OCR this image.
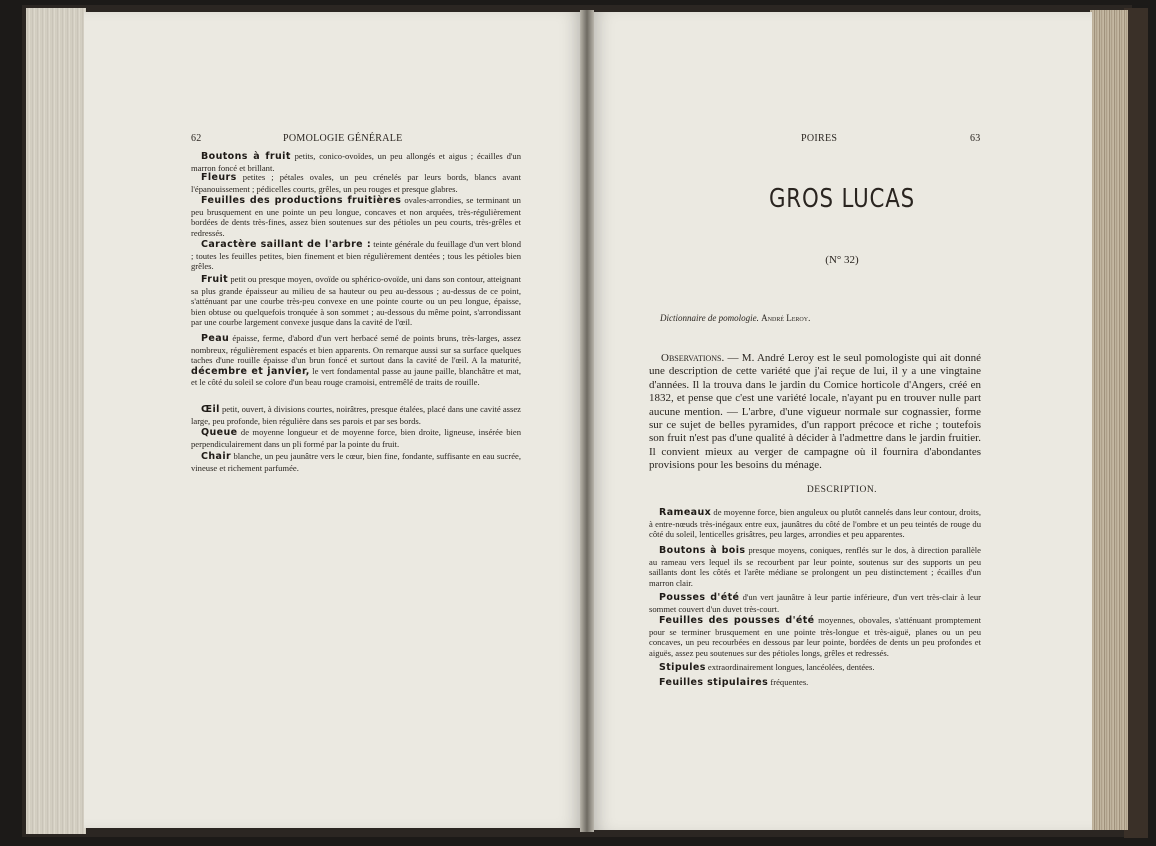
62	POMOLOGIE GÉNÉRALE

Boutons à fruit petits, conico-ovoïdes, un peu allongés et aigus ; écailles d'un marron foncé et brillant.

Fleurs petites ; pétales ovales, un peu crénelés par leurs bords, blancs avant l'épanouissement ; pédicelles courts, grêles, un peu rouges et presque glabres.

Feuilles des productions fruitières ovales-arrondies, se terminant un peu brusquement en une pointe un peu longue, concaves et non arquées, très-régulièrement bordées de dents très-fines, assez bien soutenues sur des pétioles un peu courts, très-grêles et redressés.

Caractère saillant de l'arbre : teinte générale du feuillage d'un vert blond ; toutes les feuilles petites, bien finement et bien régulièrement dentées ; tous les pétioles bien grêles.

Fruit petit ou presque moyen, ovoïde ou sphérico-ovoïde, uni dans son contour, atteignant sa plus grande épaisseur au milieu de sa hauteur ou peu au-dessous ; au-dessus de ce point, s'atténuant par une courbe très-peu convexe en une pointe courte ou un peu longue, épaisse, bien obtuse ou quelquefois tronquée à son sommet ; au-dessous du même point, s'arrondissant par une courbe largement convexe jusque dans la cavité de l'œil.

Peau épaisse, ferme, d'abord d'un vert herbacé semé de points bruns, très-larges, assez nombreux, régulièrement espacés et bien apparents. On remarque aussi sur sa surface quelques taches d'une rouille épaisse d'un brun foncé et surtout dans la cavité de l'œil. A la maturité, décembre et janvier, le vert fondamental passe au jaune paille, blanchâtre et mat, et le côté du soleil se colore d'un beau rouge cramoisi, entremêlé de traits de rouille.

Œil petit, ouvert, à divisions courtes, noirâtres, presque étalées, placé dans une cavité assez large, peu profonde, bien régulière dans ses parois et par ses bords.

Queue de moyenne longueur et de moyenne force, bien droite, ligneuse, insérée bien perpendiculairement dans un pli formé par la pointe du fruit.

Chair blanche, un peu jaunâtre vers le cœur, bien fine, fondante, suffisante en eau sucrée, vineuse et richement parfumée.

POIRES	63
GROS LUCAS
(N° 32)
Dictionnaire de pomologie. André Leroy.

Observations. — M. André Leroy est le seul pomologiste qui ait donné une description de cette variété que j'ai reçue de lui, il y a une vingtaine d'années. Il la trouva dans le jardin du Comice horticole d'Angers, créé en 1832, et pense que c'est une variété locale, n'ayant pu en trouver nulle part aucune mention. — L'arbre, d'une vigueur normale sur cognassier, forme sur ce sujet de belles pyramides, d'un rapport précoce et riche ; toutefois son fruit n'est pas d'une qualité à décider à l'admettre dans le jardin fruitier. Il convient mieux au verger de campagne où il fournira d'abondantes provisions pour les besoins du ménage.

DESCRIPTION.

Rameaux de moyenne force, bien anguleux ou plutôt cannelés dans leur contour, droits, à entre-nœuds très-inégaux entre eux, jaunâtres du côté de l'ombre et un peu teintés de rouge du côté du soleil, lenticelles grisâtres, peu larges, arrondies et peu apparentes.

Boutons à bois presque moyens, coniques, renflés sur le dos, à direction parallèle au rameau vers lequel ils se recourbent par leur pointe, soutenus sur des supports un peu saillants dont les côtés et l'arête médiane se prolongent un peu distinctement ; écailles d'un marron clair.

Pousses d'été d'un vert jaunâtre à leur partie inférieure, d'un vert très-clair à leur sommet couvert d'un duvet très-court.

Feuilles des pousses d'été moyennes, obovales, s'atténuant promptement pour se terminer brusquement en une pointe très-longue et très-aiguë, planes ou un peu concaves, un peu recourbées en dessous par leur pointe, bordées de dents un peu profondes et aiguës, assez peu soutenues sur des pétioles longs, grêles et redressés.

Stipules extraordinairement longues, lancéolées, dentées.

Feuilles stipulaires fréquentes.
